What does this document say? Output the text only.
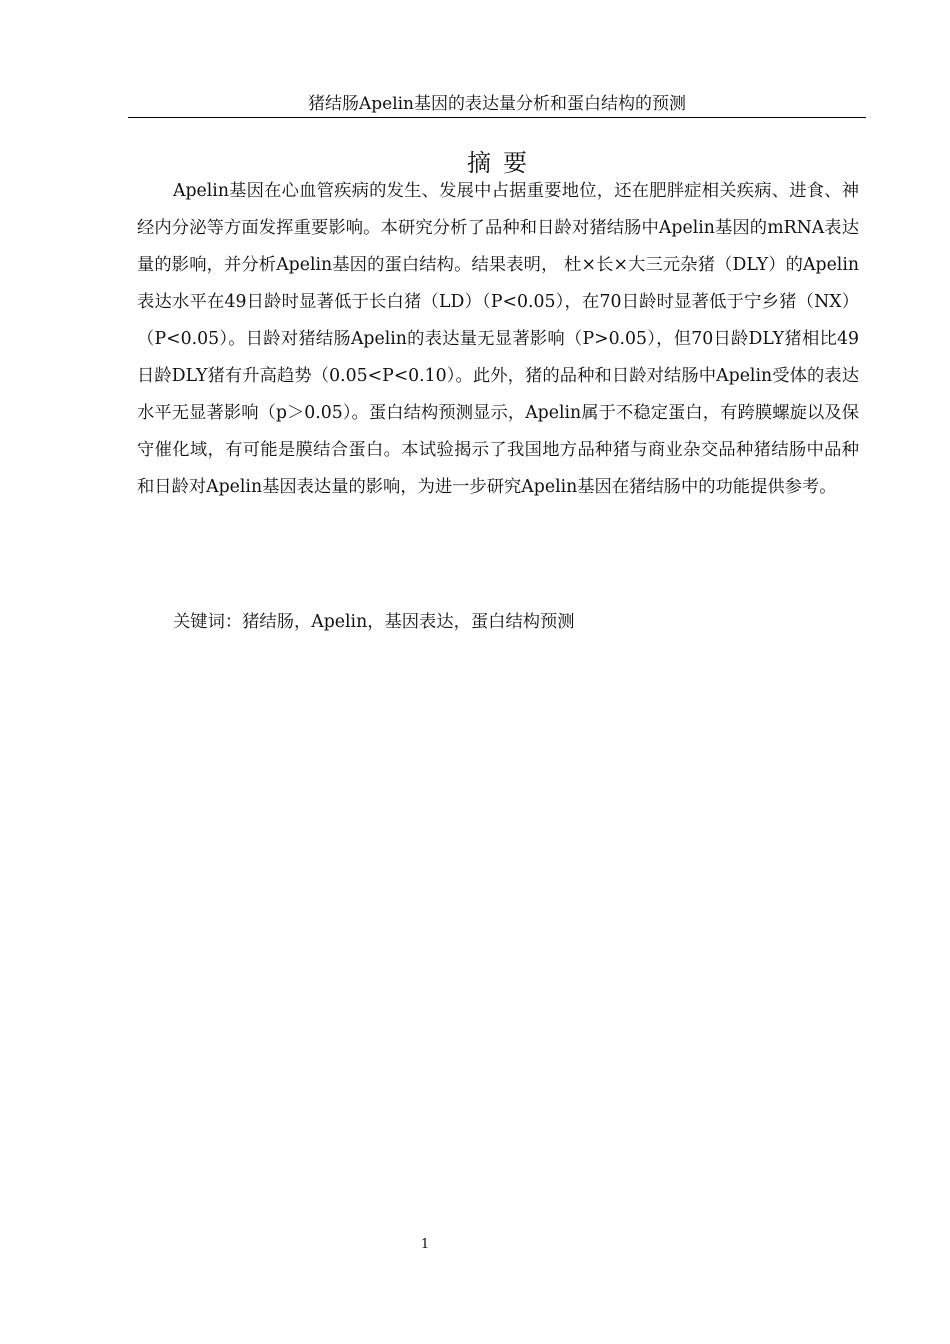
猪结肠Apelin基因的表达量分析和蛋白结构的预测
摘要

Apelin基因在心血管疾病的发生、发展中占据重要地位，还在肥胖症相关疾病、进食、神经内分泌等方面发挥重要影响。本研究分析了品种和日龄对猪结肠中Apelin基因的mRNA表达量的影响，并分析Apelin基因的蛋白结构。结果表明， 杜×长×大三元杂猪（DLY）的Apelin表达水平在49日龄时显著低于长白猪（LD）（P<0.05），在70日龄时显著低于宁乡猪（NX）（P<0.05）。日龄对猪结肠Apelin的表达量无显著影响（P>0.05），但70日龄DLY猪相比49日龄DLY猪有升高趋势（0.05<P<0.10）。此外，猪的品种和日龄对结肠中Apelin受体的表达水平无显著影响（p＞0.05）。蛋白结构预测显示，Apelin属于不稳定蛋白，有跨膜螺旋以及保守催化域，有可能是膜结合蛋白。本试验揭示了我国地方品种猪与商业杂交品种猪结肠中品种和日龄对Apelin基因表达量的影响，为进一步研究Apelin基因在猪结肠中的功能提供参考。

关键词：猪结肠，Apelin，基因表达，蛋白结构预测

1
